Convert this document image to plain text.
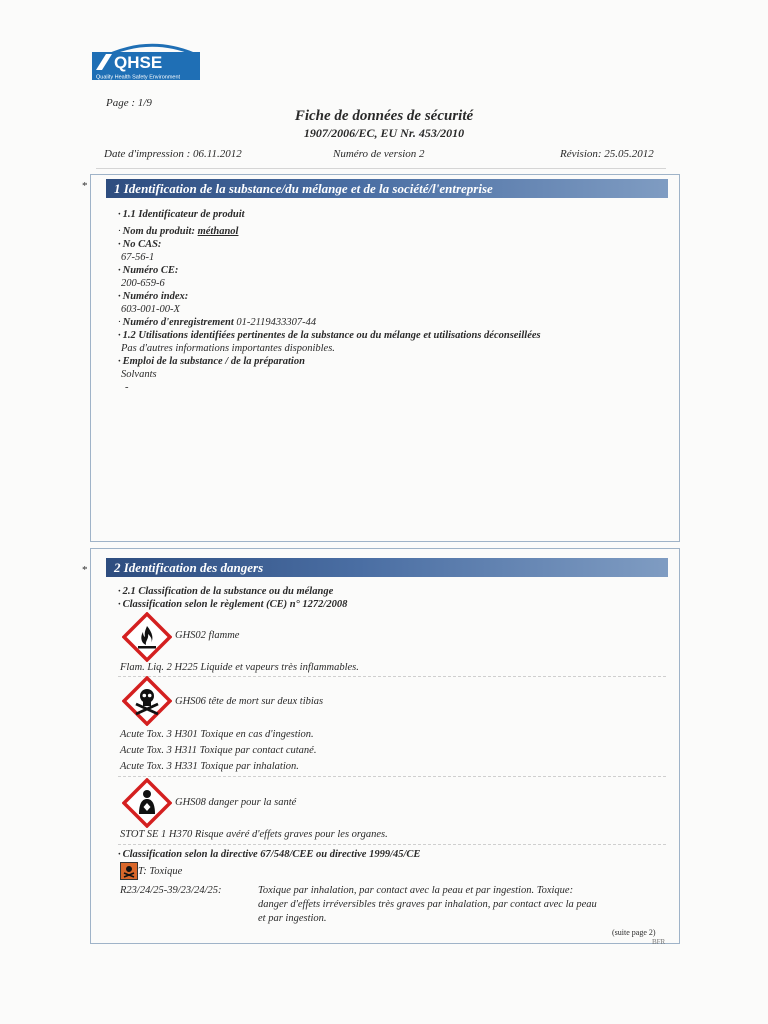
QHSE
Quality Health Safety Environment
Page : 1/9
Fiche de données de sécurité
1907/2006/EC, EU Nr. 453/2010
Date d'impression : 06.11.2012	Numéro de version 2	Révision: 25.05.2012
*	1 Identification de la substance/du mélange et de la société/l'entreprise
· 1.1 Identificateur de produit
· Nom du produit: méthanol
· No CAS:
67-56-1
· Numéro CE:
200-659-6
· Numéro index:
603-001-00-X
· Numéro d'enregistrement 01-2119433307-44
· 1.2 Utilisations identifiées pertinentes de la substance ou du mélange et utilisations déconseillées
Pas d'autres informations importantes disponibles.
· Emploi de la substance / de la préparation
Solvants
-
*	2 Identification des dangers
· 2.1 Classification de la substance ou du mélange
· Classification selon le règlement (CE) n° 1272/2008
GHS02 flamme
Flam. Liq. 2 H225 Liquide et vapeurs très inflammables.
GHS06 tête de mort sur deux tibias
Acute Tox. 3 H301 Toxique en cas d'ingestion.
Acute Tox. 3 H311 Toxique par contact cutané.
Acute Tox. 3 H331 Toxique par inhalation.
GHS08 danger pour la santé
STOT SE 1 H370 Risque avéré d'effets graves pour les organes.
· Classification selon la directive 67/548/CEE ou directive 1999/45/CE
T: Toxique
R23/24/25-39/23/24/25:	Toxique par inhalation, par contact avec la peau et par ingestion. Toxique:
danger d'effets irréversibles très graves par inhalation, par contact avec la peau
et par ingestion.
(suite page 2)
BFR
